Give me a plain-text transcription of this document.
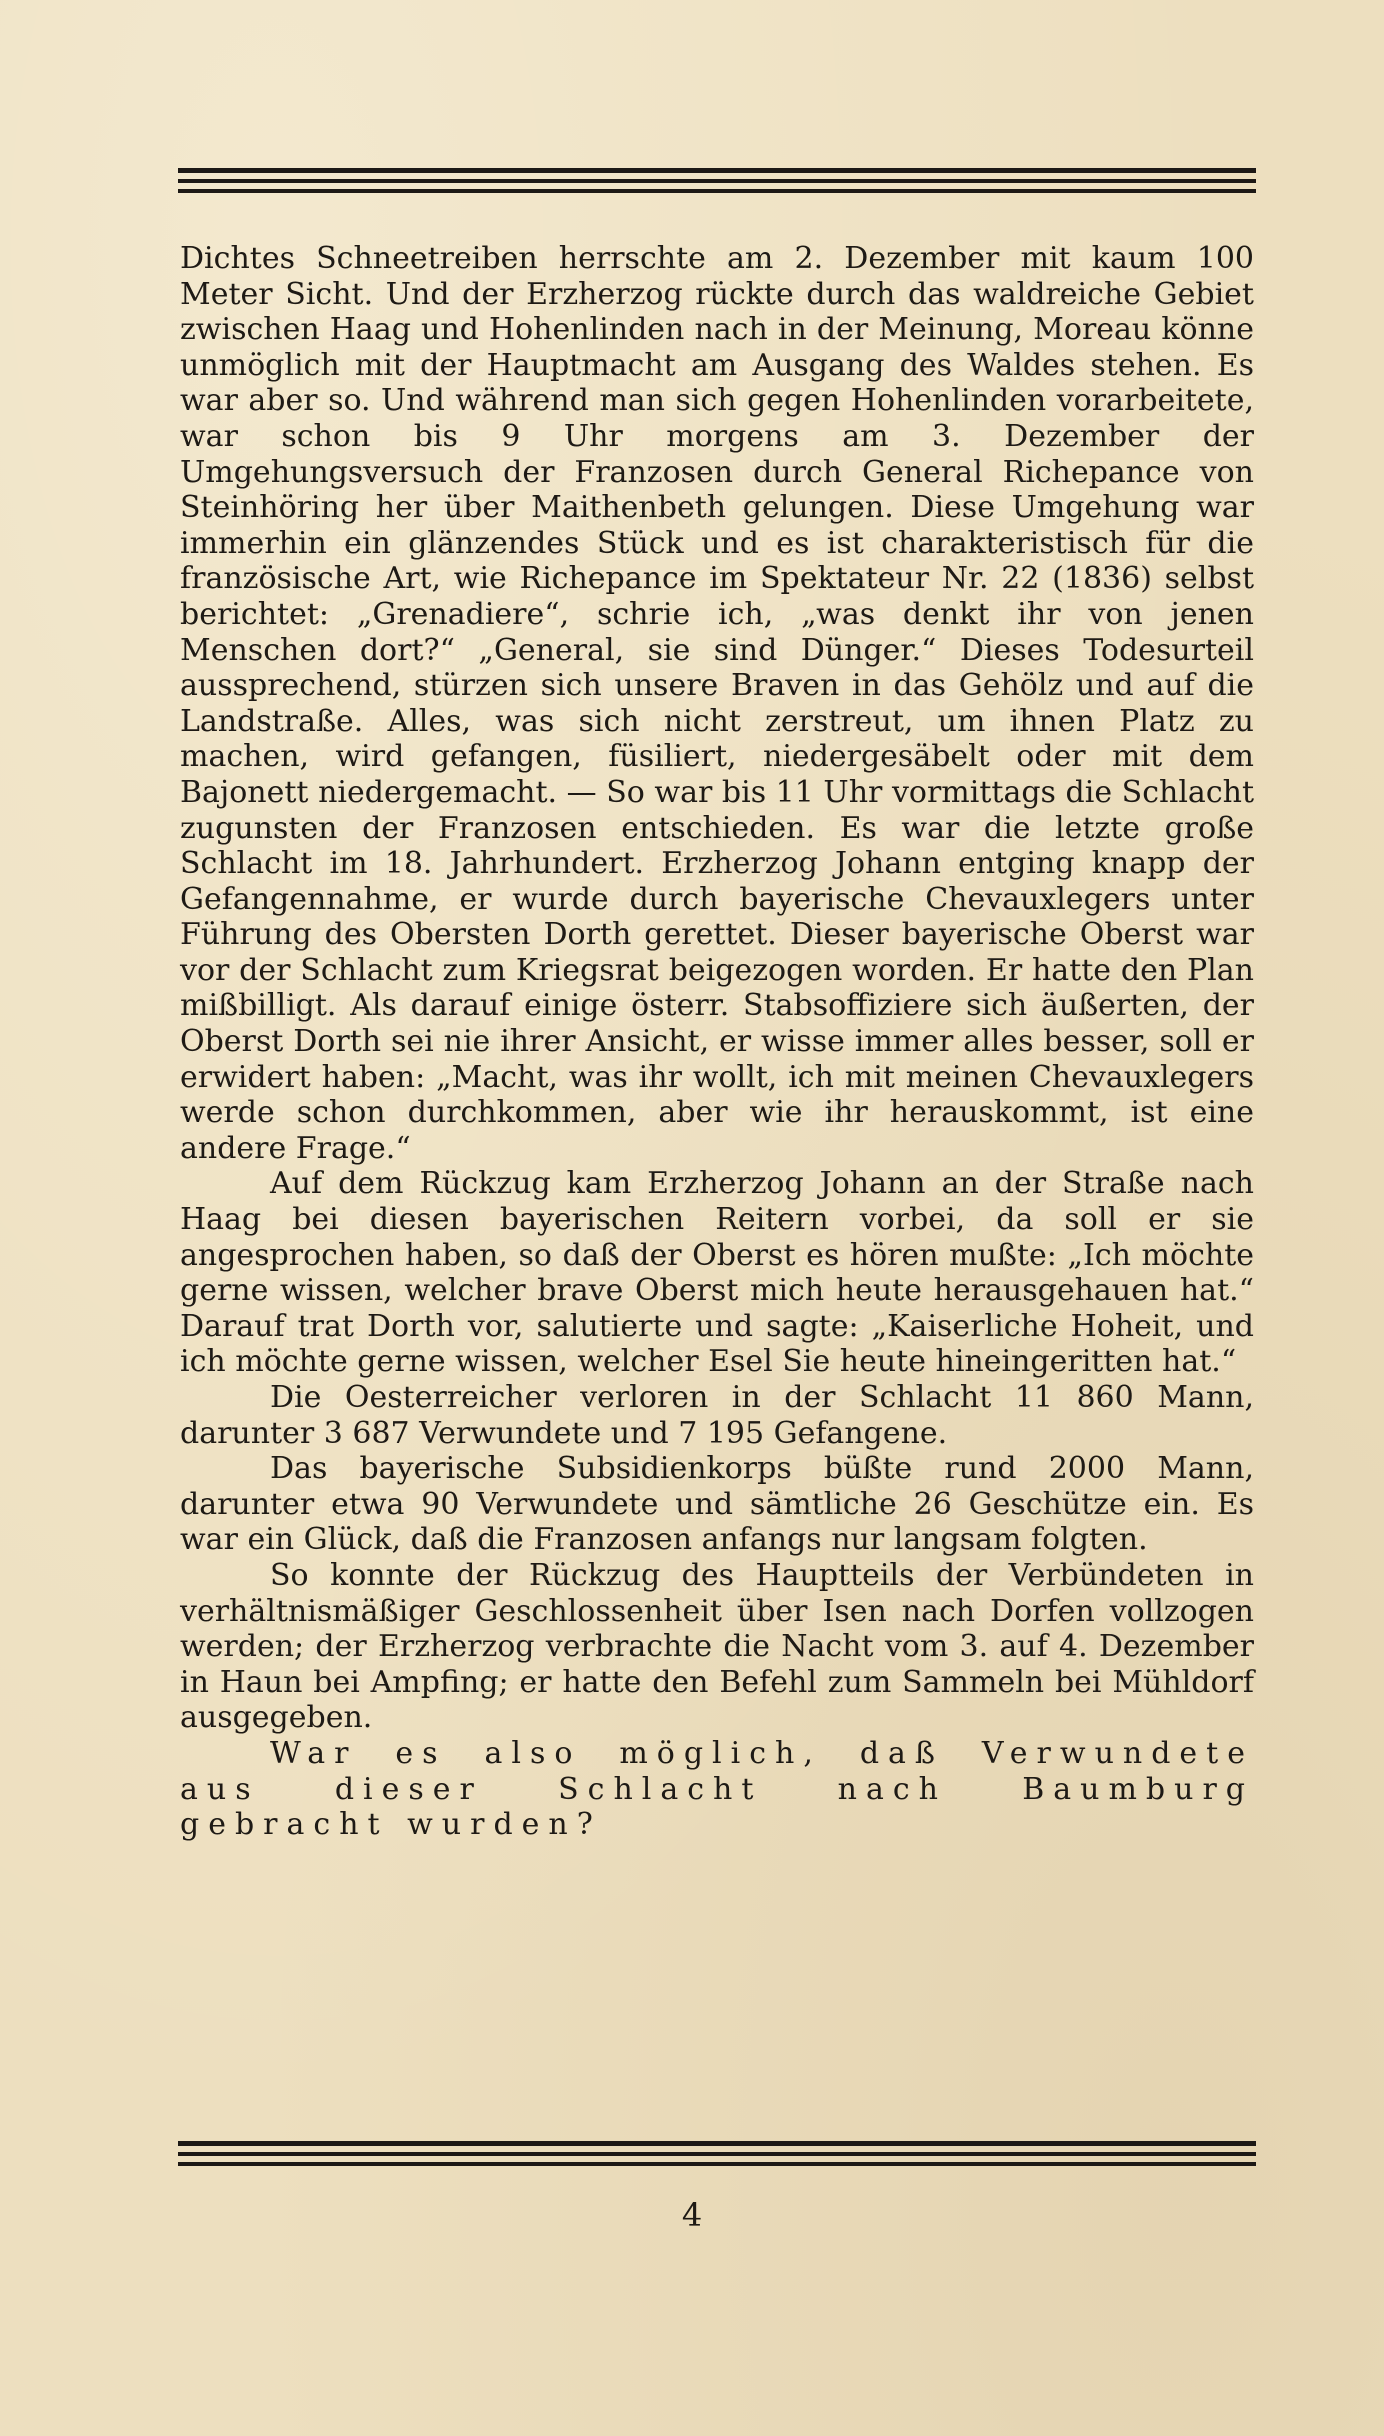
Dichtes Schneetreiben herrschte am 2. Dezember mit kaum 100 Meter Sicht. Und der Erzherzog rückte durch das waldreiche Gebiet zwischen Haag und Hohenlinden nach in der Meinung, Moreau könne unmöglich mit der Hauptmacht am Ausgang des Waldes stehen. Es war aber so. Und während man sich gegen Hohenlinden vorarbeitete, war schon bis 9 Uhr morgens am 3. Dezember der Umgehungsversuch der Franzosen durch General Richepance von Steinhöring her über Maithenbeth gelungen. Diese Umgehung war immerhin ein glänzendes Stück und es ist charakteristisch für die französische Art, wie Richepance im Spektateur Nr. 22 (1836) selbst berichtet: „Grenadiere“, schrie ich, „was denkt ihr von jenen Menschen dort?“ „General, sie sind Dünger.“ Dieses Todesurteil aussprechend, stürzen sich unsere Braven in das Gehölz und auf die Landstraße. Alles, was sich nicht zerstreut, um ihnen Platz zu machen, wird gefangen, füsiliert, niedergesäbelt oder mit dem Bajonett niedergemacht. — So war bis 11 Uhr vormittags die Schlacht zugunsten der Franzosen entschieden. Es war die letzte große Schlacht im 18. Jahrhundert. Erzherzog Johann entging knapp der Gefangennahme, er wurde durch bayerische Chevauxlegers unter Führung des Obersten Dorth gerettet. Dieser bayerische Oberst war vor der Schlacht zum Kriegsrat beigezogen worden. Er hatte den Plan mißbilligt. Als darauf einige österr. Stabsoffiziere sich äußerten, der Oberst Dorth sei nie ihrer Ansicht, er wisse immer alles besser, soll er erwidert haben: „Macht, was ihr wollt, ich mit meinen Chevauxlegers werde schon durchkommen, aber wie ihr herauskommt, ist eine andere Frage.“

Auf dem Rückzug kam Erzherzog Johann an der Straße nach Haag bei diesen bayerischen Reitern vorbei, da soll er sie angesprochen haben, so daß der Oberst es hören mußte: „Ich möchte gerne wissen, welcher brave Oberst mich heute herausgehauen hat.“ Darauf trat Dorth vor, salutierte und sagte: „Kaiserliche Hoheit, und ich möchte gerne wissen, welcher Esel Sie heute hineingeritten hat.“

Die Oesterreicher verloren in der Schlacht 11 860 Mann, darunter 3 687 Verwundete und 7 195 Gefangene.

Das bayerische Subsidienkorps büßte rund 2000 Mann, darunter etwa 90 Verwundete und sämtliche 26 Geschütze ein. Es war ein Glück, daß die Franzosen anfangs nur langsam folgten.

So konnte der Rückzug des Hauptteils der Verbündeten in verhältnismäßiger Geschlossenheit über Isen nach Dorfen vollzogen werden; der Erzherzog verbrachte die Nacht vom 3. auf 4. Dezember in Haun bei Ampfing; er hatte den Befehl zum Sammeln bei Mühldorf ausgegeben.

War es also möglich, daß Verwundete aus dieser Schlacht nach Baumburg gebracht wurden?

4
